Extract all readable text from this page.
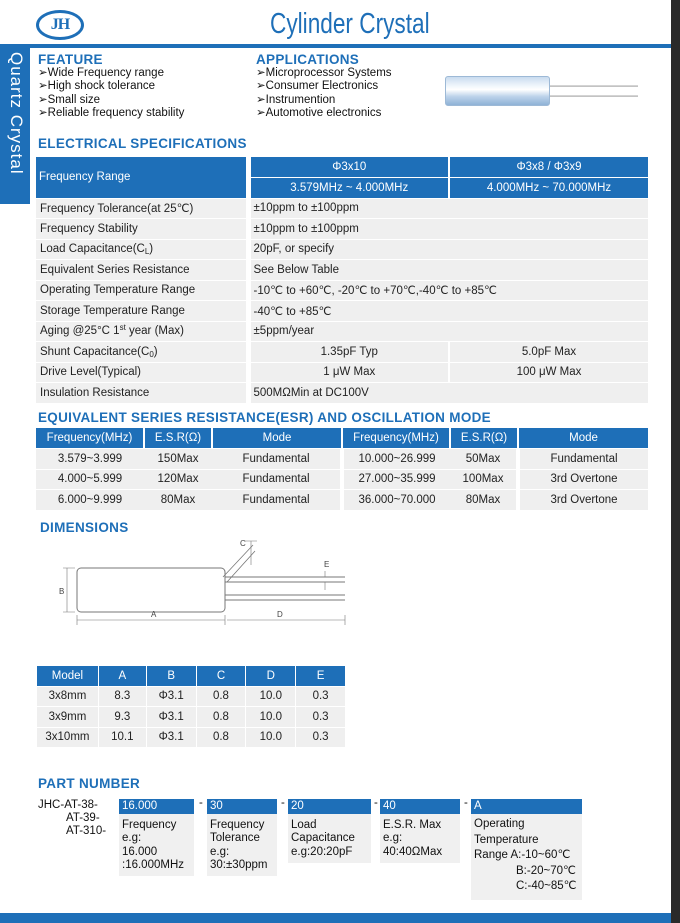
JH	Cylinder Crystal
Quartz Crystal FEATURE
➢Wide Frequency range
➢High shock tolerance
➢Small size
➢Reliable frequency stability
APPLICATIONS
➢Microprocessor Systems
➢Consumer Electronics
➢Instrumention
➢Automotive electronics
ELECTRICAL SPECIFICATIONS
Frequency Range	Φ3x10	Φ3x8 / Φ3x9
	3.579MHz ~ 4.000MHz	4.000MHz ~ 70.000MHz
Frequency Tolerance(at 25℃)	±10ppm to ±100ppm	
Frequency Stability	±10ppm to ±100ppm	
Load Capacitance(CL)	20pF, or specify	
Equivalent Series Resistance	See Below Table	
Operating Temperature Range	-10℃ to +60℃, -20℃ to +70℃,-40℃ to +85℃	
Storage Temperature Range	-40℃ to +85℃	
Aging @25°C 1st year (Max)	±5ppm/year	
Shunt Capacitance(C0)	1.35pF Typ	5.0pF Max
Drive Level(Typical)	1 μW Max	100 μW Max
Insulation Resistance	500MΩMin at DC100V	
EQUIVALENT SERIES RESISTANCE(ESR) AND OSCILLATION MODE
Frequency(MHz)	E.S.R(Ω)	Mode	Frequency(MHz)	E.S.R(Ω)	Mode
3.579~3.999	150Max	Fundamental	10.000~26.999	50Max	Fundamental
4.000~5.999	120Max	Fundamental	27.000~35.999	100Max	3rd Overtone
6.000~9.999	80Max	Fundamental	36.000~70.000	80Max	3rd Overtone
DIMENSIONS
C
E
B
A	D
Model	A	B	C	D	E
3x8mm	8.3	Φ3.1	0.8	10.0	0.3
3x9mm	9.3	Φ3.1	0.8	10.0	0.3
3x10mm	10.1	Φ3.1	0.8	10.0	0.3
PART NUMBER
JHC-AT-38-
AT-39-
AT-310-
16.000
Frequency
e.g:
16.000
:16.000MHz
- 30
Frequency
Tolerance
e.g:
30:±30ppm
- 20
Load
Capacitance
e.g:20:20pF
- 40
E.S.R. Max
e.g:
40:40ΩMax
- A
Operating
Temperature
Range A:-10~60℃
B:-20~70℃
C:-40~85℃
